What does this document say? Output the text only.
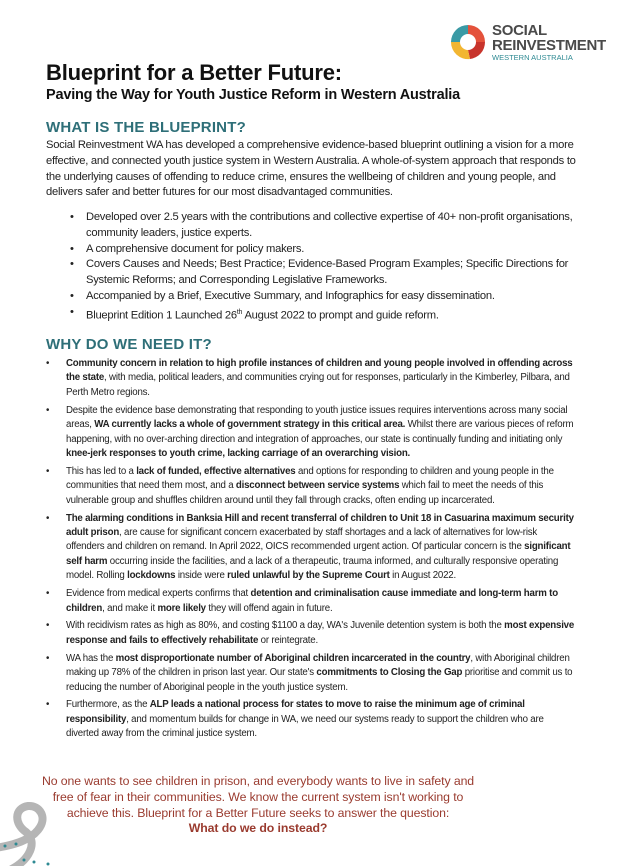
SOCIAL
REINVESTMENT
WESTERN AUSTRALIA
Blueprint for a Better Future:
Paving the Way for Youth Justice Reform in Western Australia
WHAT IS THE BLUEPRINT?

Social Reinvestment WA has developed a comprehensive evidence-based blueprint outlining a vision for a more effective, and connected youth justice system in Western Australia. A whole-of-system approach that responds to the underlying causes of offending to reduce crime, ensures the wellbeing of children and young people, and delivers safer and better futures for our most disadvantaged communities.

• Developed over 2.5 years with the contributions and collective expertise of 40+ non-profit organisations, community leaders, justice experts.
• A comprehensive document for policy makers.
• Covers Causes and Needs; Best Practice; Evidence-Based Program Examples; Specific Directions for Systemic Reforms; and Corresponding Legislative Frameworks.
• Accompanied by a Brief, Executive Summary, and Infographics for easy dissemination.
• Blueprint Edition 1 Launched 26th August 2022 to prompt and guide reform.
WHY DO WE NEED IT?
• Community concern in relation to high profile instances of children and young people involved in offending across the state, with media, political leaders, and communities crying out for responses, particularly in the Kimberley, Pilbara, and Perth Metro regions.
• Despite the evidence base demonstrating that responding to youth justice issues requires interventions across many social areas, WA currently lacks a whole of government strategy in this critical area. Whilst there are various pieces of reform happening, with no over-arching direction and integration of approaches, our state is continually funding and initiating only knee-jerk responses to youth crime, lacking carriage of an overarching vision.
• This has led to a lack of funded, effective alternatives and options for responding to children and young people in the communities that need them most, and a disconnect between service systems which fail to meet the needs of this vulnerable group and shuffles children around until they fall through cracks, often ending up incarcerated.
• The alarming conditions in Banksia Hill and recent transferral of children to Unit 18 in Casuarina maximum security adult prison, are cause for significant concern exacerbated by staff shortages and a lack of alternatives for low-risk offenders and children on remand. In April 2022, OICS recommended urgent action. Of particular concern is the significant self harm occurring inside the facilities, and a lack of a therapeutic, trauma informed, and culturally responsive operating model. Rolling lockdowns inside were ruled unlawful by the Supreme Court in August 2022.
• Evidence from medical experts confirms that detention and criminalisation cause immediate and long-term harm to children, and make it more likely they will offend again in future.
• With recidivism rates as high as 80%, and costing $1100 a day, WA's Juvenile detention system is both the most expensive response and fails to effectively rehabilitate or reintegrate.
• WA has the most disproportionate number of Aboriginal children incarcerated in the country, with Aboriginal children making up 78% of the children in prison last year. Our state's commitments to Closing the Gap prioritise and commit us to reducing the number of Aboriginal people in the youth justice system.
• Furthermore, as the ALP leads a national process for states to move to raise the minimum age of criminal responsibility, and momentum builds for change in WA, we need our systems ready to support the children who are diverted away from the criminal justice system.

No one wants to see children in prison, and everybody wants to live in safety and free of fear in their communities. We know the current system isn't working to achieve this. Blueprint for a Better Future seeks to answer the question:
What do we do instead?
